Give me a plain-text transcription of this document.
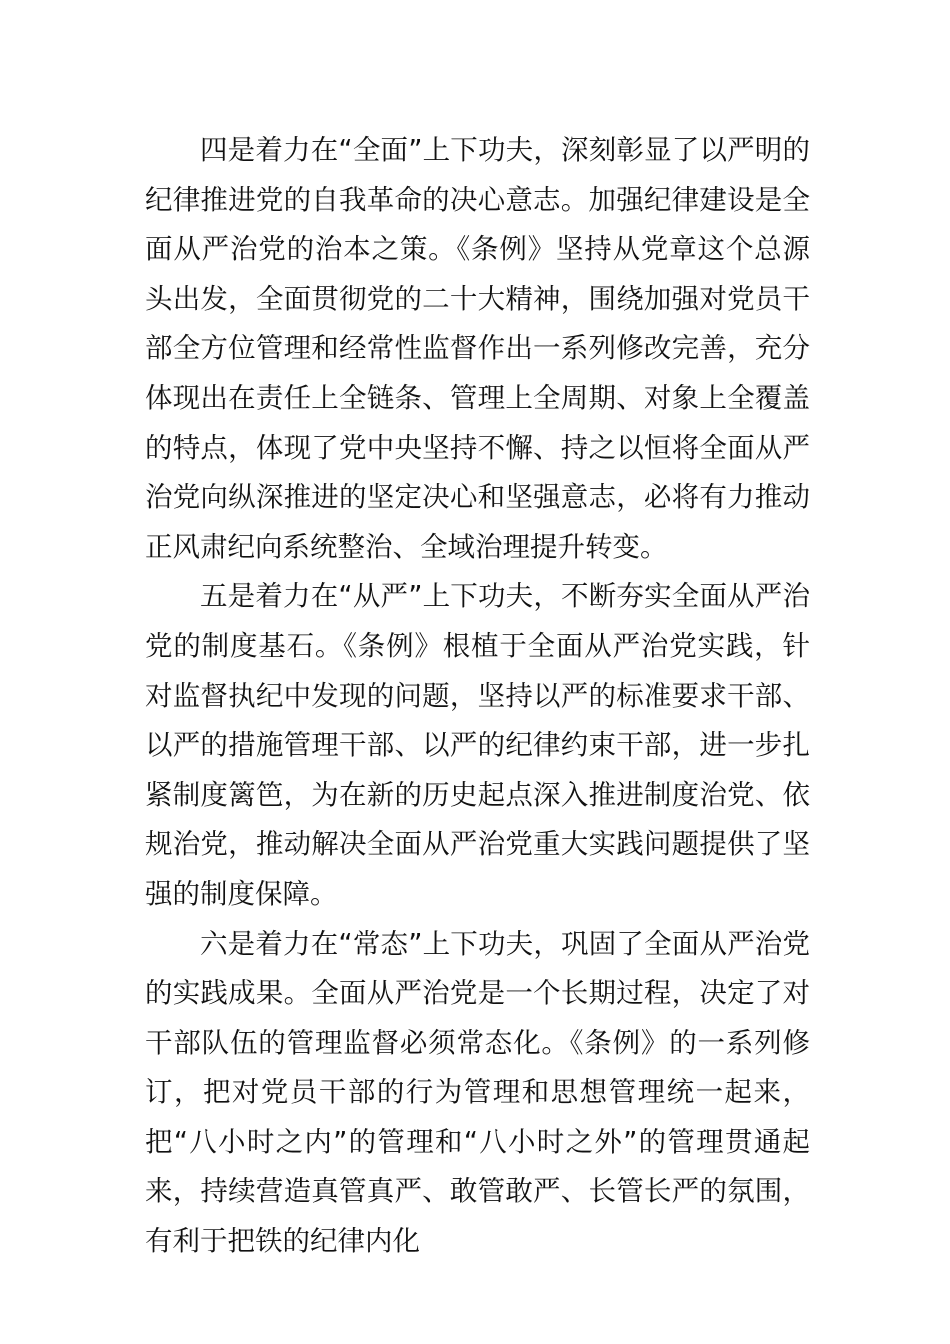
四是着力在“全面”上下功夫，深刻彰显了以严明的纪律推进党的自我革命的决心意志。加强纪律建设是全面从严治党的治本之策。《条例》坚持从党章这个总源头出发，全面贯彻党的二十大精神，围绕加强对党员干部全方位管理和经常性监督作出一系列修改完善，充分体现出在责任上全链条、管理上全周期、对象上全覆盖的特点，体现了党中央坚持不懈、持之以恒将全面从严治党向纵深推进的坚定决心和坚强意志，必将有力推动正风肃纪向系统整治、全域治理提升转变。

五是着力在“从严”上下功夫，不断夯实全面从严治党的制度基石。《条例》根植于全面从严治党实践，针对监督执纪中发现的问题，坚持以严的标准要求干部、以严的措施管理干部、以严的纪律约束干部，进一步扎紧制度篱笆，为在新的历史起点深入推进制度治党、依规治党，推动解决全面从严治党重大实践问题提供了坚强的制度保障。

六是着力在“常态”上下功夫，巩固了全面从严治党的实践成果。全面从严治党是一个长期过程，决定了对干部队伍的管理监督必须常态化。《条例》的一系列修订，把对党员干部的行为管理和思想管理统一起来，把“八小时之内”的管理和“八小时之外”的管理贯通起来，持续营造真管真严、敢管敢严、长管长严的氛围，有利于把铁的纪律内化
